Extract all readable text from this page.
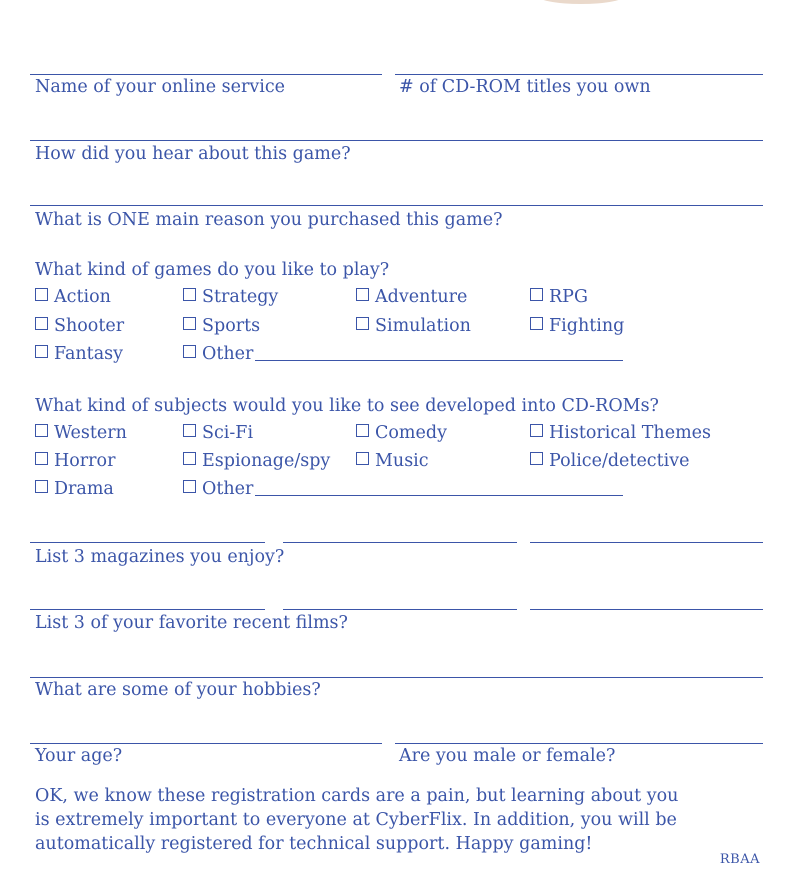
Name of your online service	# of CD-ROM titles you own
How did you hear about this game?
What is ONE main reason you purchased this game?
What kind of games do you like to play?
Action	Strategy	Adventure	RPG
Shooter	Sports	Simulation	Fighting
Fantasy	Other
What kind of subjects would you like to see developed into CD-ROMs?
Western	Sci-Fi	Comedy	Historical Themes
Horror	Espionage/spy	Music	Police/detective
Drama	Other
List 3 magazines you enjoy?
List 3 of your favorite recent films?
What are some of your hobbies?
Your age?	Are you male or female?
OK, we know these registration cards are a pain, but learning about you
is extremely important to everyone at CyberFlix. In addition, you will be
automatically registered for technical support. Happy gaming!
RBAA
